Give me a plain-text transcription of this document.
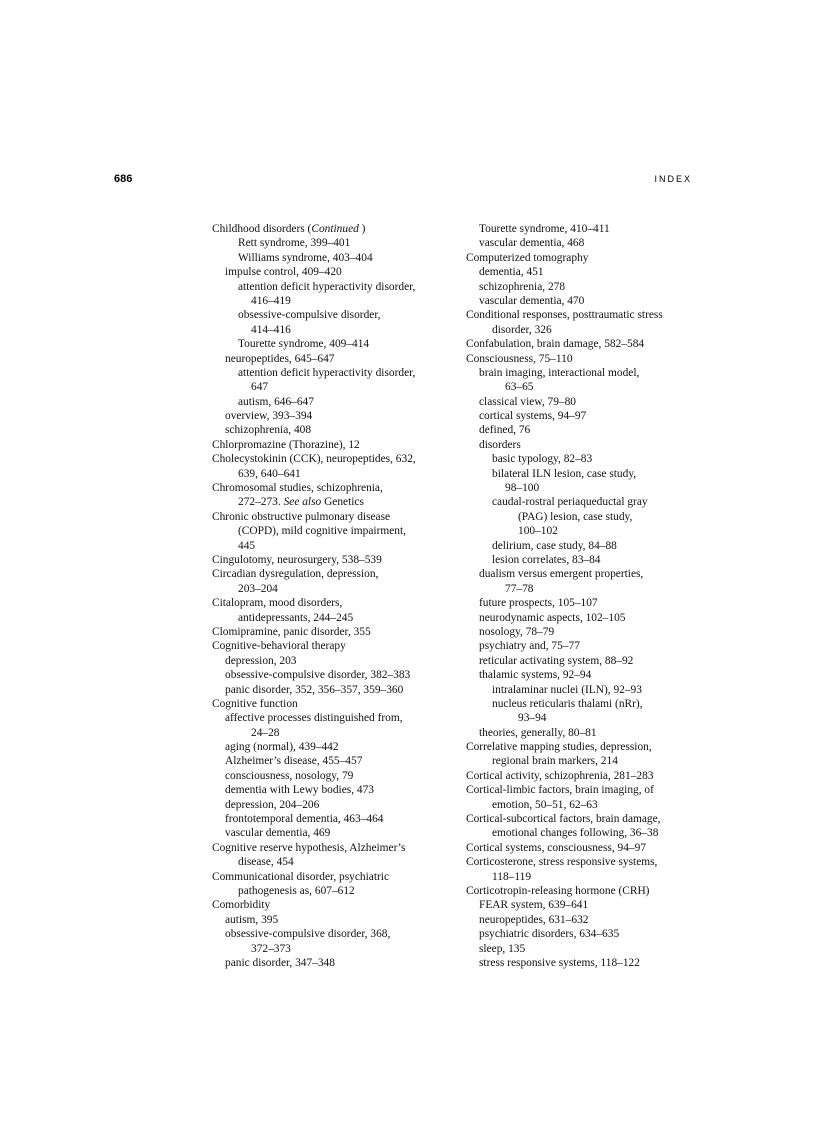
686	INDEX
Childhood disorders (Continued )
Rett syndrome, 399–401
Williams syndrome, 403–404
impulse control, 409–420
attention deficit hyperactivity disorder,
416–419
obsessive-compulsive disorder,
414–416
Tourette syndrome, 409–414
neuropeptides, 645–647
attention deficit hyperactivity disorder,
647
autism, 646–647
overview, 393–394
schizophrenia, 408
Chlorpromazine (Thorazine), 12
Cholecystokinin (CCK), neuropeptides, 632,
639, 640–641
Chromosomal studies, schizophrenia,
272–273. See also Genetics
Chronic obstructive pulmonary disease
(COPD), mild cognitive impairment,
445
Cingulotomy, neurosurgery, 538–539
Circadian dysregulation, depression,
203–204
Citalopram, mood disorders,
antidepressants, 244–245
Clomipramine, panic disorder, 355
Cognitive-behavioral therapy
depression, 203
obsessive-compulsive disorder, 382–383
panic disorder, 352, 356–357, 359–360
Cognitive function
affective processes distinguished from,
24–28
aging (normal), 439–442
Alzheimer’s disease, 455–457
consciousness, nosology, 79
dementia with Lewy bodies, 473
depression, 204–206
frontotemporal dementia, 463–464
vascular dementia, 469
Cognitive reserve hypothesis, Alzheimer’s
disease, 454
Communicational disorder, psychiatric
pathogenesis as, 607–612
Comorbidity
autism, 395
obsessive-compulsive disorder, 368,
372–373
panic disorder, 347–348
Tourette syndrome, 410–411
vascular dementia, 468
Computerized tomography
dementia, 451
schizophrenia, 278
vascular dementia, 470
Conditional responses, posttraumatic stress
disorder, 326
Confabulation, brain damage, 582–584
Consciousness, 75–110
brain imaging, interactional model,
63–65
classical view, 79–80
cortical systems, 94–97
defined, 76
disorders
basic typology, 82–83
bilateral ILN lesion, case study,
98–100
caudal-rostral periaqueductal gray
(PAG) lesion, case study,
100–102
delirium, case study, 84–88
lesion correlates, 83–84
dualism versus emergent properties,
77–78
future prospects, 105–107
neurodynamic aspects, 102–105
nosology, 78–79
psychiatry and, 75–77
reticular activating system, 88–92
thalamic systems, 92–94
intralaminar nuclei (ILN), 92–93
nucleus reticularis thalami (nRr),
93–94
theories, generally, 80–81
Correlative mapping studies, depression,
regional brain markers, 214
Cortical activity, schizophrenia, 281–283
Cortical-limbic factors, brain imaging, of
emotion, 50–51, 62–63
Cortical-subcortical factors, brain damage,
emotional changes following, 36–38
Cortical systems, consciousness, 94–97
Corticosterone, stress responsive systems,
118–119
Corticotropin-releasing hormone (CRH)
FEAR system, 639–641
neuropeptides, 631–632
psychiatric disorders, 634–635
sleep, 135
stress responsive systems, 118–122
